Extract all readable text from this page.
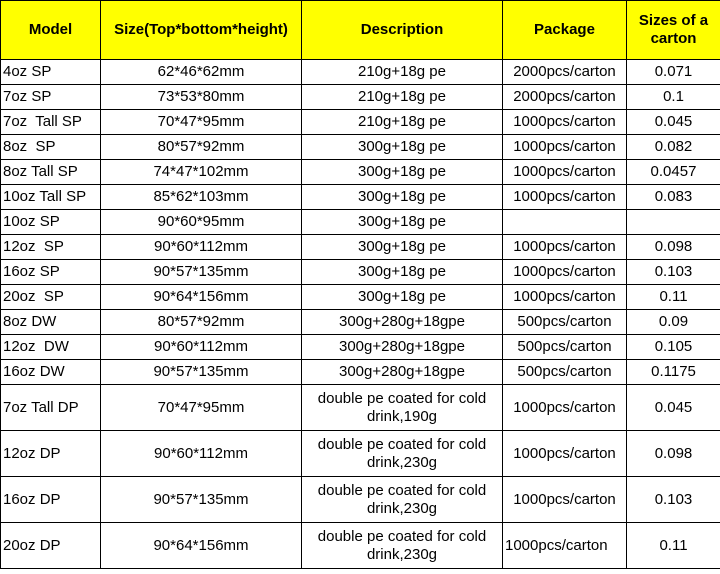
Model	Size(Top*bottom*height)	Description	Package	Sizes of a carton
4oz SP	62*46*62mm	210g+18g pe	2000pcs/carton	0.071
7oz SP	73*53*80mm	210g+18g pe	2000pcs/carton	0.1
7oz  Tall SP	70*47*95mm	210g+18g pe	1000pcs/carton	0.045
8oz  SP	80*57*92mm	300g+18g pe	1000pcs/carton	0.082
8oz Tall SP	74*47*102mm	300g+18g pe	1000pcs/carton	0.0457
10oz Tall SP	85*62*103mm	300g+18g pe	1000pcs/carton	0.083
10oz SP	90*60*95mm	300g+18g pe		
12oz  SP	90*60*112mm	300g+18g pe	1000pcs/carton	0.098
16oz SP	90*57*135mm	300g+18g pe	1000pcs/carton	0.103
20oz  SP	90*64*156mm	300g+18g pe	1000pcs/carton	0.11
8oz DW	80*57*92mm	300g+280g+18gpe	500pcs/carton	0.09
12oz  DW	90*60*112mm	300g+280g+18gpe	500pcs/carton	0.105
16oz DW	90*57*135mm	300g+280g+18gpe	500pcs/carton	0.1175
7oz Tall DP	70*47*95mm	double pe coated for cold drink,190g	1000pcs/carton	0.045
12oz DP	90*60*112mm	double pe coated for cold drink,230g	1000pcs/carton	0.098
16oz DP	90*57*135mm	double pe coated for cold drink,230g	1000pcs/carton	0.103
20oz DP	90*64*156mm	double pe coated for cold drink,230g	1000pcs/carton	0.11
